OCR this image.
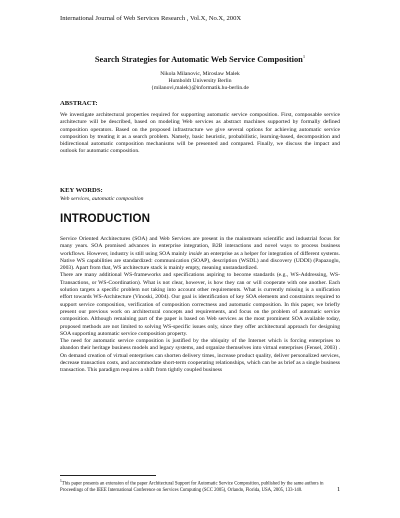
International Journal of Web Services Research , Vol.X, No.X, 200X
Search Strategies for Automatic Web Service Composition$^1$
Nikola Milanovic, Miroslaw Malek
Humboldt University Berlin
{milanovi,malek}@informatik.hu-berlin.de
ABSTRACT:
We investigate architectural properties required for supporting automatic service composition. First, composable service architecture will be described, based on modeling Web services as abstract machines supported by formally defined composition operators. Based on the proposed infrastructure we give several options for achieving automatic service composition by treating it as a search problem. Namely, basic heuristic, probabilistic, learning-based, decomposition and bidirectional automatic composition mechanisms will be presented and compared. Finally, we discuss the impact and outlook for automatic composition.
KEY WORDS:
Web services, automatic composition
INTRODUCTION

Service Oriented Architectures (SOA) and Web Services are present in the mainstream scientific and industrial focus for many years. SOA promised advances in enterprise integration, B2B interactions and novel ways to process business workflows. However, industry is still using SOA mainly inside an enterprise as a helper for integration of different systems. Native WS capabilities are standardized: communication (SOAP), description (WSDL) and discovery (UDDI) (Papazoglu, 2003). Apart from that, WS architecture stack is mainly empty, meaning unstandardized.

There are many additional WS-frameworks and specifications aspiring to become standards (e.g., WS-Addressing, WS-Transactions, or WS-Coordination). What is not clear, however, is how they can or will cooperate with one another. Each solution targets a specific problem not taking into account other requirements. What is currently missing is a unification effort towards WS-Architecture (Vinoski, 2004). Our goal is identification of key SOA elements and constraints required to support service composition, verification of composition correctness and automatic composition. In this paper, we briefly present our previous work on architectural concepts and requirements, and focus on the problem of automatic service composition. Although remaining part of the paper is based on Web services as the most prominent SOA available today, proposed methods are not limited to solving WS-specific issues only, since they offer architectural approach for designing SOA supporting automatic service composition property.

The need for automatic service composition is justified by the ubiquity of the Internet which is forcing enterprises to abandon their heritage business models and legacy systems, and organize themselves into virtual enterprises (Fensel, 2003) . On demand creation of virtual enterprises can shorten delivery times, increase product quality, deliver personalized services, decrease transaction costs, and accommodate short-term cooperating relationships, which can be as brief as a single business transaction. This paradigm requires a shift from tightly coupled business

$^1$This paper presents an extension of the paper Architectural Support for Automatic Service Composition, published by the same authors in Proceedings of the IEEE International Conference on Services Computing (SCC 2005), Orlando, Florida, USA, 2005, 133-140.	1
